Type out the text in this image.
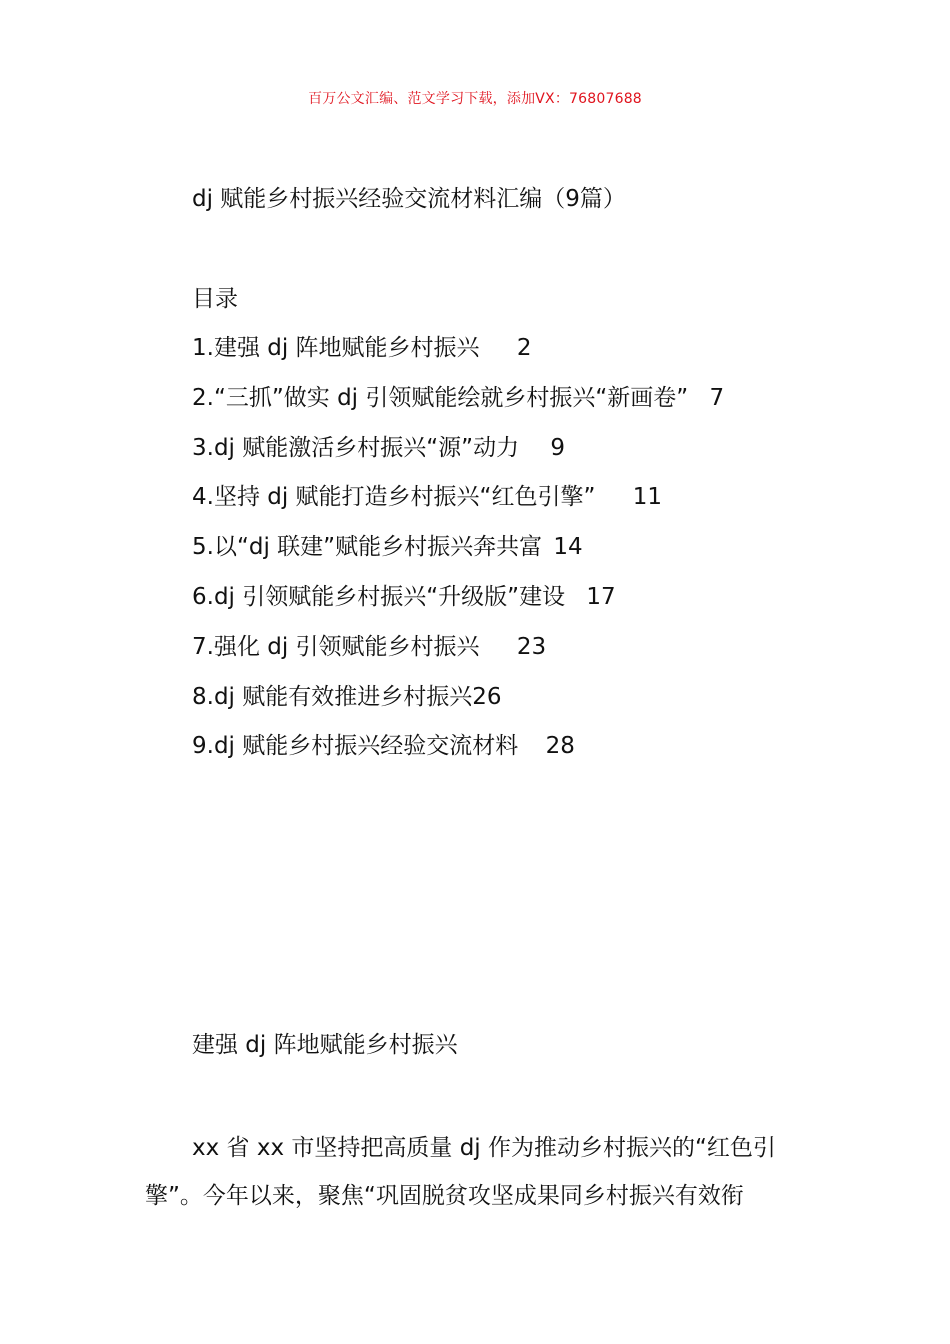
百万公文汇编、范文学习下载，添加VX：76807688
dj 赋能乡村振兴经验交流材料汇编（9篇）
目录
1.建强 dj 阵地赋能乡村振兴 2
2.“三抓”做实 dj 引领赋能绘就乡村振兴“新画卷” 7
3.dj 赋能激活乡村振兴“源”动力 9
4.坚持 dj 赋能打造乡村振兴“红色引擎” 11
5.以“dj 联建”赋能乡村振兴奔共富 14
6.dj 引领赋能乡村振兴“升级版”建设 17
7.强化 dj 引领赋能乡村振兴 23
8.dj 赋能有效推进乡村振兴26
9.dj 赋能乡村振兴经验交流材料 28
建强 dj 阵地赋能乡村振兴
xx 省 xx 市坚持把高质量 dj 作为推动乡村振兴的“红色引
擎”。今年以来，聚焦“巩固脱贫攻坚成果同乡村振兴有效衔
